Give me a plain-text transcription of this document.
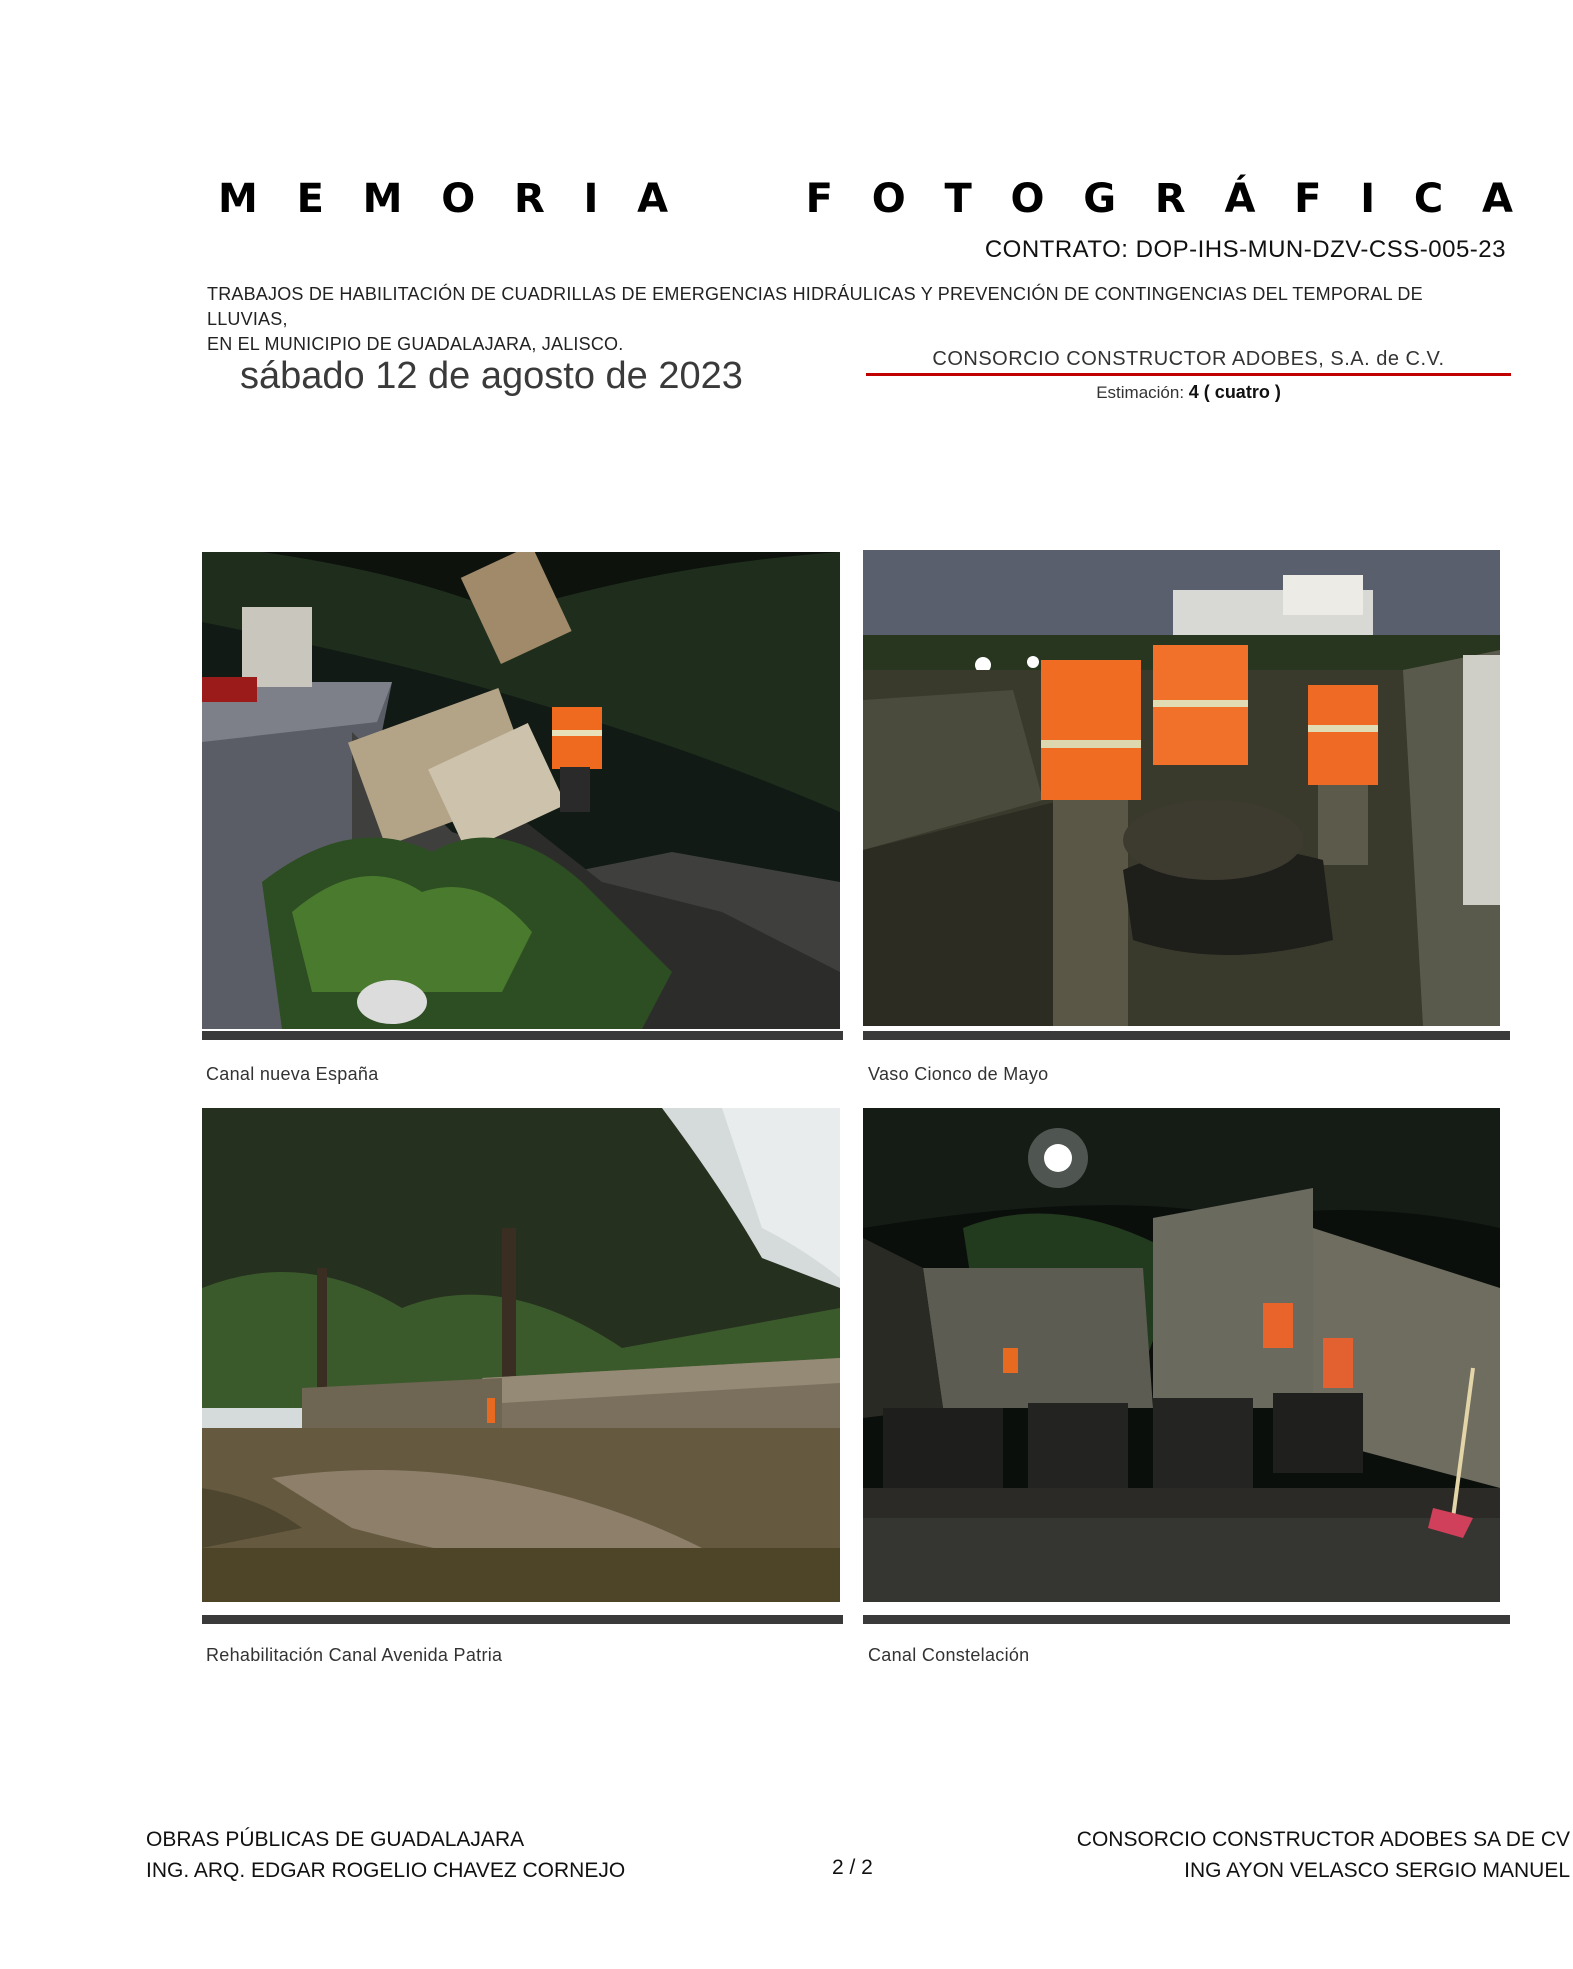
M E M O R I A	F O T O G R Á F I C A
CONTRATO: DOP-IHS-MUN-DZV-CSS-005-23
TRABAJOS DE HABILITACIÓN DE CUADRILLAS DE EMERGENCIAS HIDRÁULICAS Y PREVENCIÓN DE CONTINGENCIAS DEL TEMPORAL DE LLUVIAS,
EN EL MUNICIPIO DE GUADALAJARA, JALISCO.
sábado 12 de agosto de 2023	CONSORCIO CONSTRUCTOR ADOBES, S.A. de C.V.
Estimación: 4 ( cuatro )
Canal nueva España	Vaso Cionco de Mayo
Rehabilitación Canal Avenida Patria	Canal Constelación
OBRAS PÚBLICAS DE GUADALAJARA
ING. ARQ. EDGAR ROGELIO CHAVEZ CORNEJO	2 / 2
CONSORCIO CONSTRUCTOR ADOBES SA DE CV
ING AYON VELASCO SERGIO MANUEL
